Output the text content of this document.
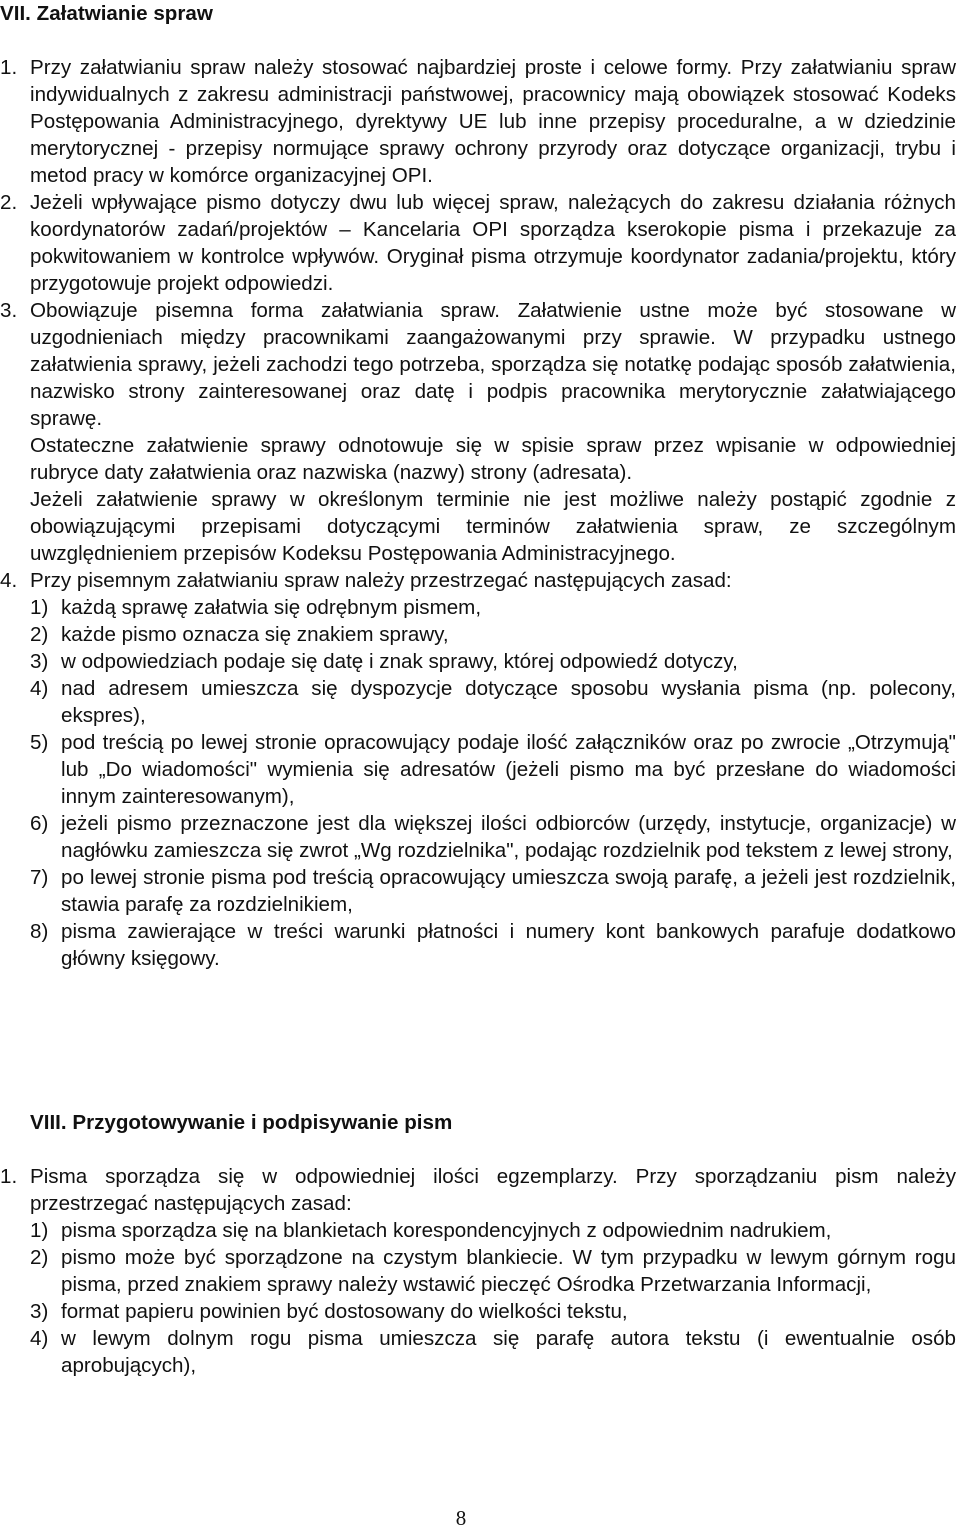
VII. Załatwianie spraw
1. Przy załatwianiu spraw należy stosować najbardziej proste i celowe formy. Przy załatwianiu spraw indywidualnych z zakresu administracji państwowej, pracownicy mają obowiązek stosować Kodeks Postępowania Administracyjnego, dyrektywy UE lub inne przepisy proceduralne, a w dziedzinie merytorycznej - przepisy normujące sprawy ochrony przyrody oraz dotyczące organizacji, trybu i metod pracy w komórce organizacyjnej OPI.
2. Jeżeli wpływające pismo dotyczy dwu lub więcej spraw, należących do zakresu działania różnych koordynatorów zadań/projektów – Kancelaria OPI sporządza kserokopie pisma i przekazuje za pokwitowaniem w kontrolce wpływów. Oryginał pisma otrzymuje koordynator zadania/projektu, który przygotowuje projekt odpowiedzi.
3. Obowiązuje pisemna forma załatwiania spraw. Załatwienie ustne może być stosowane w uzgodnieniach między pracownikami zaangażowanymi przy sprawie. W przypadku ustnego załatwienia sprawy, jeżeli zachodzi tego potrzeba, sporządza się notatkę podając sposób załatwienia, nazwisko strony zainteresowanej oraz datę i podpis pracownika merytorycznie załatwiającego sprawę.

Ostateczne załatwienie sprawy odnotowuje się w spisie spraw przez wpisanie w odpowiedniej rubryce daty załatwienia oraz nazwiska (nazwy) strony (adresata).

Jeżeli załatwienie sprawy w określonym terminie nie jest możliwe należy postąpić zgodnie z obowiązującymi przepisami dotyczącymi terminów załatwienia spraw, ze szczególnym uwzględnieniem przepisów Kodeksu Postępowania Administracyjnego.

4. Przy pisemnym załatwianiu spraw należy przestrzegać następujących zasad:
1) każdą sprawę załatwia się odrębnym pismem,
2) każde pismo oznacza się znakiem sprawy,
3) w odpowiedziach podaje się datę i znak sprawy, której odpowiedź dotyczy,
4) nad adresem umieszcza się dyspozycje dotyczące sposobu wysłania pisma (np. polecony, ekspres),
5) pod treścią po lewej stronie opracowujący podaje ilość załączników oraz po zwrocie „Otrzymują" lub „Do wiadomości" wymienia się adresatów (jeżeli pismo ma być przesłane do wiadomości innym zainteresowanym),
6) jeżeli pismo przeznaczone jest dla większej ilości odbiorców (urzędy, instytucje, organizacje) w nagłówku zamieszcza się zwrot „Wg rozdzielnika", podając rozdzielnik pod tekstem z lewej strony,
7) po lewej stronie pisma pod treścią opracowujący umieszcza swoją parafę, a jeżeli jest rozdzielnik, stawia parafę za rozdzielnikiem,
8) pisma zawierające w treści warunki płatności i numery kont bankowych parafuje dodatkowo główny księgowy.
VIII. Przygotowywanie i podpisywanie pism
1. Pisma sporządza się w odpowiedniej ilości egzemplarzy. Przy sporządzaniu pism należy przestrzegać następujących zasad:
1) pisma sporządza się na blankietach korespondencyjnych z odpowiednim nadrukiem,
2) pismo może być sporządzone na czystym blankiecie. W tym przypadku w lewym górnym rogu pisma, przed znakiem sprawy należy wstawić pieczęć Ośrodka Przetwarzania Informacji,
3) format papieru powinien być dostosowany do wielkości tekstu,
4) w lewym dolnym rogu pisma umieszcza się parafę autora tekstu (i ewentualnie osób aprobujących),
8
